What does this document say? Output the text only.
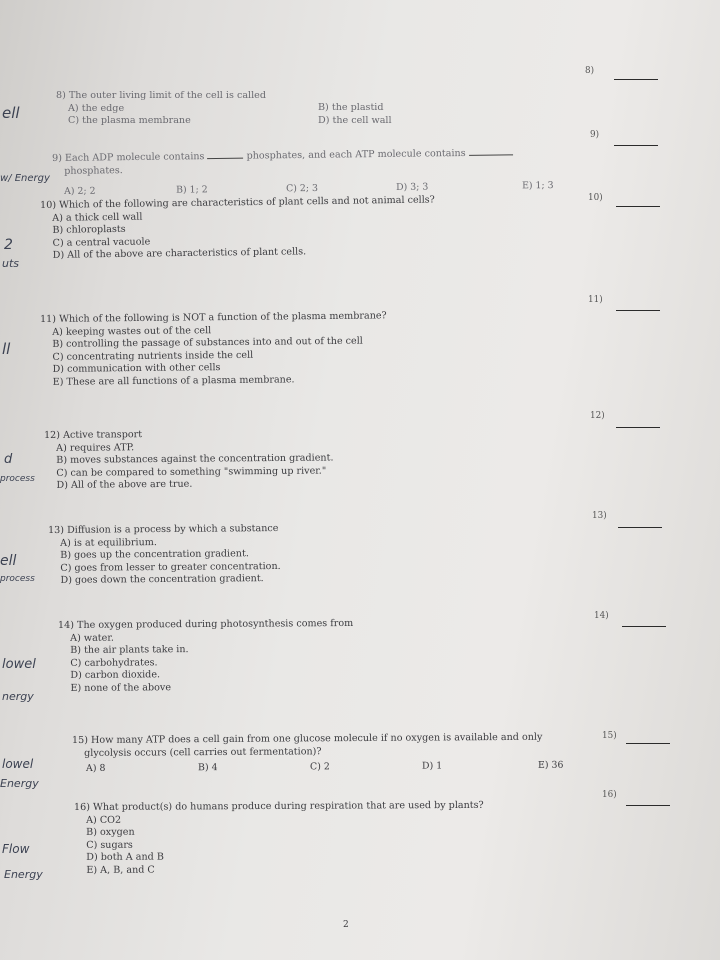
ell
w/ Energy
2
uts
ll
d
process
ell
process
lowel
nergy
lowel
Energy
Flow
Energy
8)
9)
10)
11)
12)
13)
14)
15)
16)
8) The outer living limit of the cell is called
A) the edge
C) the plasma membrane
B) the plastid
D) the cell wall
9) Each ADP molecule contains	phosphates, and each ATP molecule contains
phosphates.
A) 2; 2	B) 1; 2	C) 2; 3	D) 3; 3	E) 1; 3
10) Which of the following are characteristics of plant cells and not animal cells?
A) a thick cell wall
B) chloroplasts
C) a central vacuole
D) All of the above are characteristics of plant cells.
11) Which of the following is NOT a function of the plasma membrane?
A) keeping wastes out of the cell
B) controlling the passage of substances into and out of the cell
C) concentrating nutrients inside the cell
D) communication with other cells
E) These are all functions of a plasma membrane.
12) Active transport
A) requires ATP.
B) moves substances against the concentration gradient.
C) can be compared to something "swimming up river."
D) All of the above are true.
13) Diffusion is a process by which a substance
A) is at equilibrium.
B) goes up the concentration gradient.
C) goes from lesser to greater concentration.
D) goes down the concentration gradient.
14) The oxygen produced during photosynthesis comes from
A) water.
B) the air plants take in.
C) carbohydrates.
D) carbon dioxide.
E) none of the above
15) How many ATP does a cell gain from one glucose molecule if no oxygen is available and only
glycolysis occurs (cell carries out fermentation)?
A) 8	B) 4	C) 2	D) 1	E) 36
16) What product(s) do humans produce during respiration that are used by plants?
A) CO2
B) oxygen
C) sugars
D) both A and B
E) A, B, and C
2
